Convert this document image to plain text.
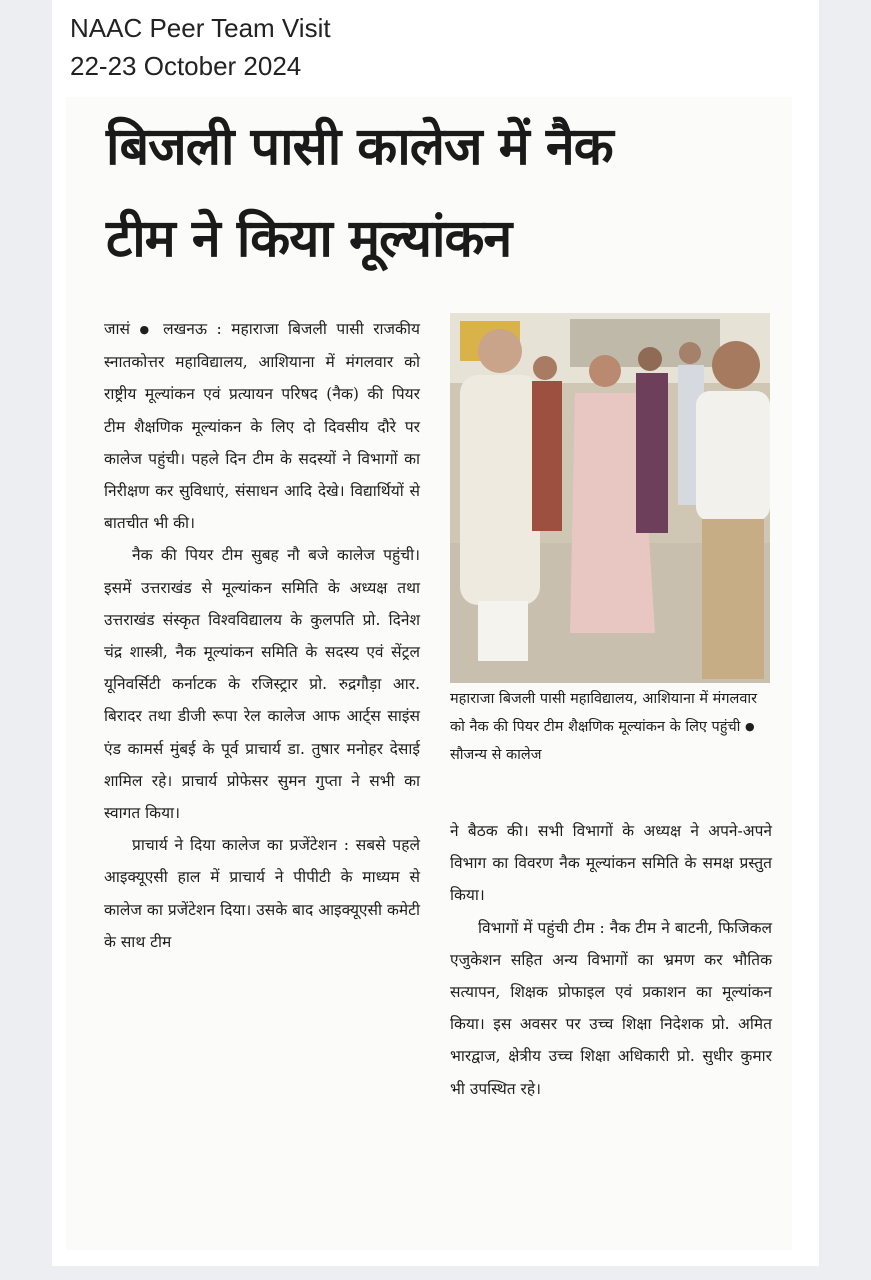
NAAC Peer Team Visit
22-23 October 2024
बिजली पासी कालेज में नैक
टीम ने किया मूल्यांकन

जासं ● लखनऊ : महाराजा बिजली पासी राजकीय स्नातकोत्तर महाविद्यालय, आशियाना में मंगलवार को राष्ट्रीय मूल्यांकन एवं प्रत्यायन परिषद (नैक) की पियर टीम शैक्षणिक मूल्यांकन के लिए दो दिवसीय दौरे पर कालेज पहुंची। पहले दिन टीम के सदस्यों ने विभागों का निरीक्षण कर सुविधाएं, संसाधन आदि देखे। विद्यार्थियों से बातचीत भी की।

नैक की पियर टीम सुबह नौ बजे कालेज पहुंची। इसमें उत्तराखंड से मूल्यांकन समिति के अध्यक्ष तथा उत्तराखंड संस्कृत विश्वविद्यालय के कुलपति प्रो. दिनेश चंद्र शास्त्री, नैक मूल्यांकन समिति के सदस्य एवं सेंट्रल यूनिवर्सिटी कर्नाटक के रजिस्ट्रार प्रो. रुद्रगौड़ा आर. बिरादर तथा डीजी रूपा रेल कालेज आफ आर्ट्स साइंस एंड कामर्स मुंबई के पूर्व प्राचार्य डा. तुषार मनोहर देसाई शामिल रहे। प्राचार्य प्रोफेसर सुमन गुप्ता ने सभी का स्वागत किया।

प्राचार्य ने दिया कालेज का प्रजेंटेशन : सबसे पहले आइक्यूएसी हाल में प्राचार्य ने पीपीटी के माध्यम से कालेज का प्रजेंटेशन दिया। उसके बाद आइक्यूएसी कमेटी के साथ टीम

महाराजा बिजली पासी महाविद्यालय, आशियाना में मंगलवार को नैक की पियर टीम शैक्षणिक मूल्यांकन के लिए पहुंची ● सौजन्य से कालेज

ने बैठक की। सभी विभागों के अध्यक्ष ने अपने-अपने विभाग का विवरण नैक मूल्यांकन समिति के समक्ष प्रस्तुत किया।

विभागों में पहुंची टीम : नैक टीम ने बाटनी, फिजिकल एजुकेशन सहित अन्य विभागों का भ्रमण कर भौतिक सत्यापन, शिक्षक प्रोफाइल एवं प्रकाशन का मूल्यांकन किया। इस अवसर पर उच्च शिक्षा निदेशक प्रो. अमित भारद्वाज, क्षेत्रीय उच्च शिक्षा अधिकारी प्रो. सुधीर कुमार भी उपस्थित रहे।
